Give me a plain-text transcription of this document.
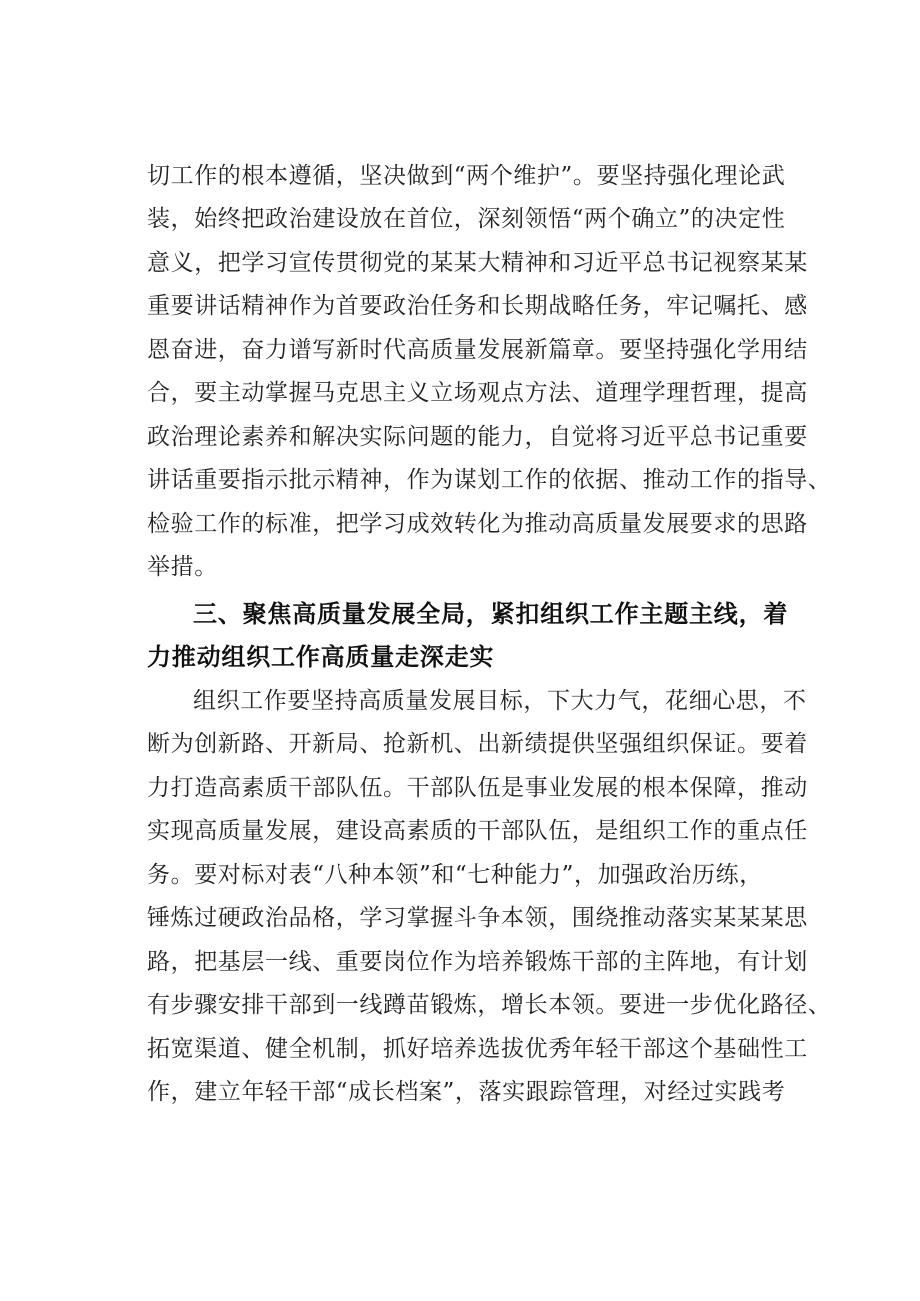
切工作的根本遵循，坚决做到“两个维护”。要坚持强化理论武

装，始终把政治建设放在首位，深刻领悟“两个确立”的决定性

意义，把学习宣传贯彻党的某某大精神和习近平总书记视察某某

重要讲话精神作为首要政治任务和长期战略任务，牢记嘱托、感

恩奋进，奋力谱写新时代高质量发展新篇章。要坚持强化学用结

合，要主动掌握马克思主义立场观点方法、道理学理哲理，提高

政治理论素养和解决实际问题的能力，自觉将习近平总书记重要

讲话重要指示批示精神，作为谋划工作的依据、推动工作的指导、

检验工作的标准，把学习成效转化为推动高质量发展要求的思路

举措。

三、聚焦高质量发展全局，紧扣组织工作主题主线，着
力推动组织工作高质量走深走实

组织工作要坚持高质量发展目标，下大力气，花细心思，不

断为创新路、开新局、抢新机、出新绩提供坚强组织保证。要着

力打造高素质干部队伍。干部队伍是事业发展的根本保障，推动

实现高质量发展，建设高素质的干部队伍，是组织工作的重点任

务。要对标对表“八种本领”和“七种能力”，加强政治历练，

锤炼过硬政治品格，学习掌握斗争本领，围绕推动落实某某某思

路，把基层一线、重要岗位作为培养锻炼干部的主阵地，有计划

有步骤安排干部到一线蹲苗锻炼，增长本领。要进一步优化路径、

拓宽渠道、健全机制，抓好培养选拔优秀年轻干部这个基础性工

作，建立年轻干部“成长档案”，落实跟踪管理，对经过实践考
